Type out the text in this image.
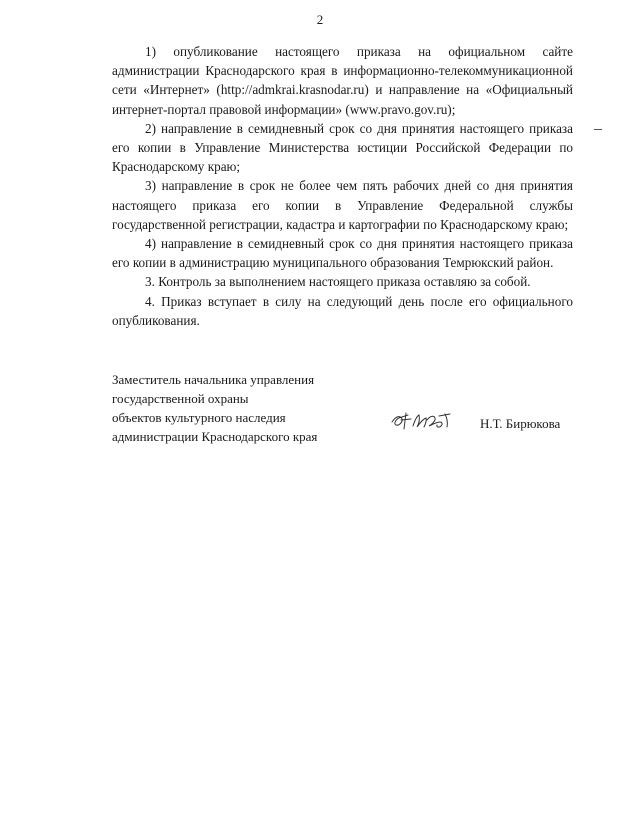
2

1) опубликование настоящего приказа на официальном сайте администрации Краснодарского края в информационно-телекоммуникационной сети «Интернет» (http://admkrai.krasnodar.ru) и направление на «Официальный интернет-портал правовой информации» (www.pravo.gov.ru);

2) направление в семидневный срок со дня принятия настоящего приказа его копии в Управление Министерства юстиции Российской Федерации по Краснодарскому краю;

3) направление в срок не более чем пять рабочих дней со дня принятия настоящего приказа его копии в Управление Федеральной службы государственной регистрации, кадастра и картографии по Краснодарскому краю;

4) направление в семидневный срок со дня принятия настоящего приказа его копии в администрацию муниципального образования Темрюкский район.

3. Контроль за выполнением настоящего приказа оставляю за собой.

4. Приказ вступает в силу на следующий день после его официального опубликования.

Заместитель начальника управления
государственной охраны
объектов культурного наследия
администрации Краснодарского края
Н.Т. Бирюкова
